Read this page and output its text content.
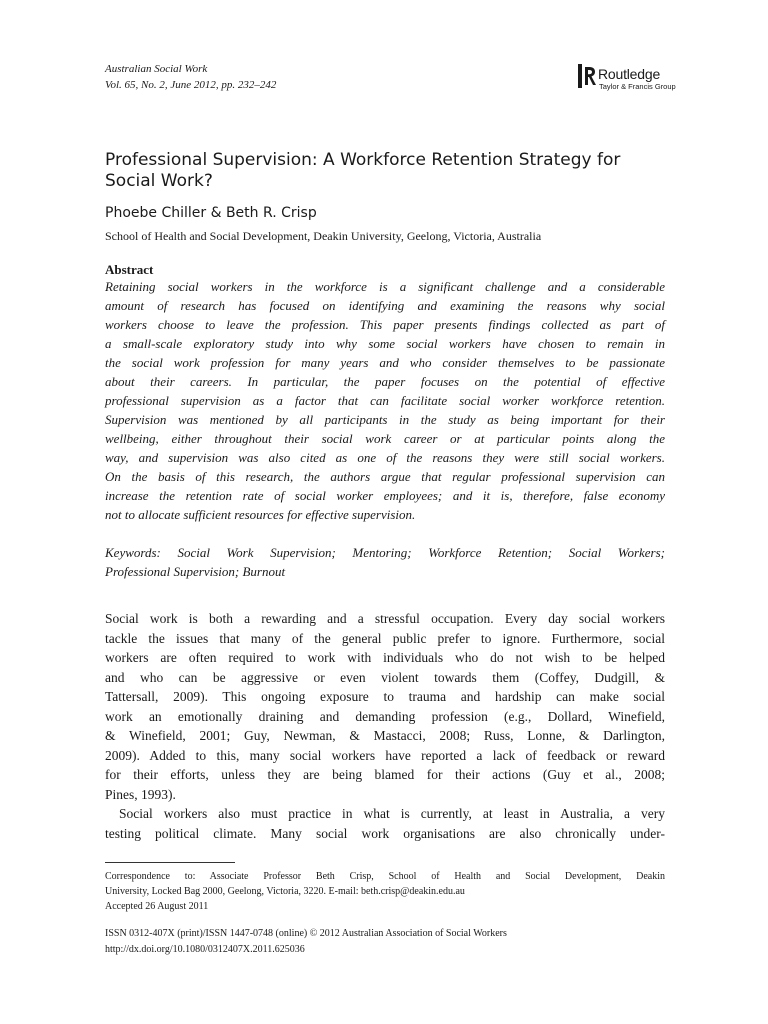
Australian Social Work
Vol. 65, No. 2, June 2012, pp. 232–242
Routledge
Taylor & Francis Group
Professional Supervision: A Workforce Retention Strategy for
Social Work?
Phoebe Chiller & Beth R. Crisp
School of Health and Social Development, Deakin University, Geelong, Victoria, Australia
Abstract
Retaining social workers in the workforce is a significant challenge and a considerable
amount of research has focused on identifying and examining the reasons why social
workers choose to leave the profession. This paper presents findings collected as part of
a small-scale exploratory study into why some social workers have chosen to remain in
the social work profession for many years and who consider themselves to be passionate
about their careers. In particular, the paper focuses on the potential of effective
professional supervision as a factor that can facilitate social worker workforce retention.
Supervision was mentioned by all participants in the study as being important for their
wellbeing, either throughout their social work career or at particular points along the
way, and supervision was also cited as one of the reasons they were still social workers.
On the basis of this research, the authors argue that regular professional supervision can
increase the retention rate of social worker employees; and it is, therefore, false economy
not to allocate sufficient resources for effective supervision.
Keywords: Social Work Supervision; Mentoring; Workforce Retention; Social Workers;
Professional Supervision; Burnout
Social work is both a rewarding and a stressful occupation. Every day social workers
tackle the issues that many of the general public prefer to ignore. Furthermore, social
workers are often required to work with individuals who do not wish to be helped
and who can be aggressive or even violent towards them (Coffey, Dudgill, &
Tattersall, 2009). This ongoing exposure to trauma and hardship can make social
work an emotionally draining and demanding profession (e.g., Dollard, Winefield,
& Winefield, 2001; Guy, Newman, & Mastacci, 2008; Russ, Lonne, & Darlington,
2009). Added to this, many social workers have reported a lack of feedback or reward
for their efforts, unless they are being blamed for their actions (Guy et al., 2008;
Pines, 1993).
Social workers also must practice in what is currently, at least in Australia, a very
testing political climate. Many social work organisations are also chronically under-
Correspondence to: Associate Professor Beth Crisp, School of Health and Social Development, Deakin
University, Locked Bag 2000, Geelong, Victoria, 3220. E-mail: beth.crisp@deakin.edu.au
Accepted 26 August 2011
ISSN 0312-407X (print)/ISSN 1447-0748 (online) © 2012 Australian Association of Social Workers
http://dx.doi.org/10.1080/0312407X.2011.625036
